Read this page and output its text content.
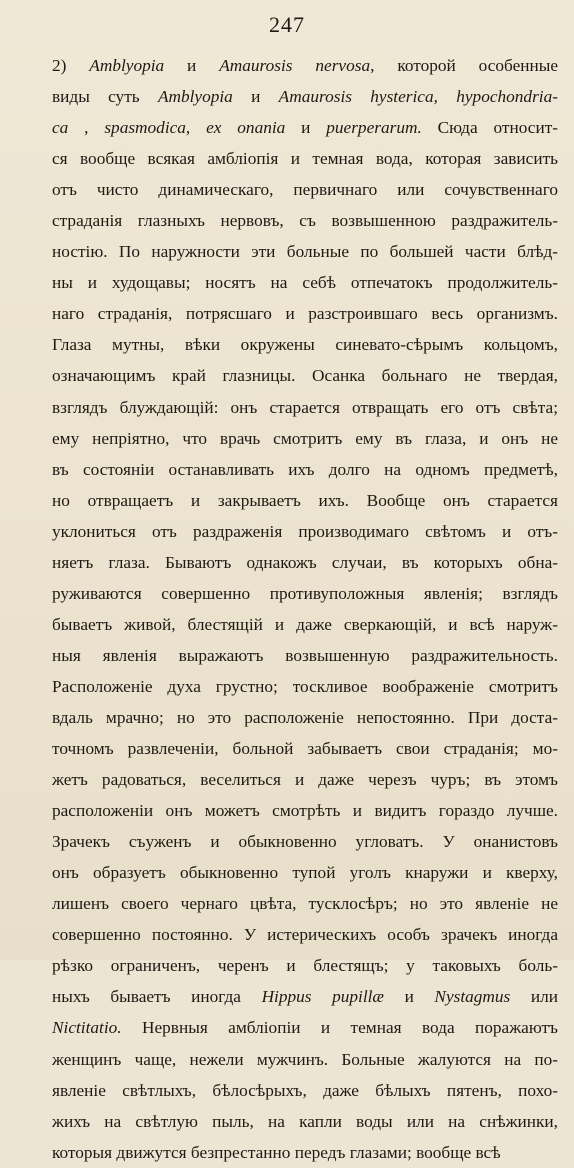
247
2) Amblyopia и Amaurosis nervosa, которой особенные
виды суть Amblyopia и Amaurosis hysterica, hypochondria-
ca , spasmodica, ex onania и puerperarum. Сюда относит-
ся вообще всякая амбліопія и темная вода, которая зависить
отъ чисто динамическаго, первичнаго или сочувственнаго
страданія глазныхъ нервовъ, съ возвышенною раздражитель-
ностію. По наружности эти больные по большей части блѣд-
ны и худощавы; носятъ на себѣ отпечатокъ продолжитель-
наго страданія, потрясшаго и разстроившаго весь организмъ.
Глаза мутны, вѣки окружены синевато-сѣрымъ кольцомъ,
означающимъ край глазницы. Осанка больнаго не твердая,
взглядъ блуждающій: онъ старается отвращать его отъ свѣта;
ему непріятно, что врачь смотритъ ему въ глаза, и онъ не
въ состояніи останавливать ихъ долго на одномъ предметѣ,
но отвращаетъ и закрываетъ ихъ. Вообще онъ старается
уклониться отъ раздраженія производимаго свѣтомъ и отъ-
няетъ глаза. Бываютъ однакожъ случаи, въ которыхъ обна-
руживаются совершенно противуположныя явленія; взглядъ
бываетъ живой, блестящій и даже сверкающій, и всѣ наруж-
ныя явленія выражаютъ возвышенную раздражительность.
Расположеніе духа грустно; тоскливое воображеніе смотритъ
вдаль мрачно; но это расположеніе непостоянно. При доста-
точномъ развлеченіи, больной забываетъ свои страданія; мо-
жетъ радоваться, веселиться и даже черезъ чуръ; въ этомъ
расположеніи онъ можетъ смотрѣть и видитъ гораздо лучше.
Зрачекъ съуженъ и обыкновенно угловатъ. У онанистовъ
онъ образуетъ обыкновенно тупой уголъ кнаружи и кверху,
лишенъ своего чернаго цвѣта, тусклосѣръ; но это явленіе не
совершенно постоянно. У истерическихъ особъ зрачекъ иногда
рѣзко ограниченъ, черенъ и блестящъ; у таковыхъ боль-
ныхъ бываетъ иногда Hippus pupillæ и Nystagmus или
Nictitatio. Нервныя амбліопіи и темная вода поражаютъ
женщинъ чаще, нежели мужчинъ. Больные жалуются на по-
явленіе свѣтлыхъ, бѣлосѣрыхъ, даже бѣлыхъ пятенъ, похо-
жихъ на свѣтлую пыль, на капли воды или на снѣжинки,
которыя движутся безпрестанно передъ глазами; вообще всѣ
